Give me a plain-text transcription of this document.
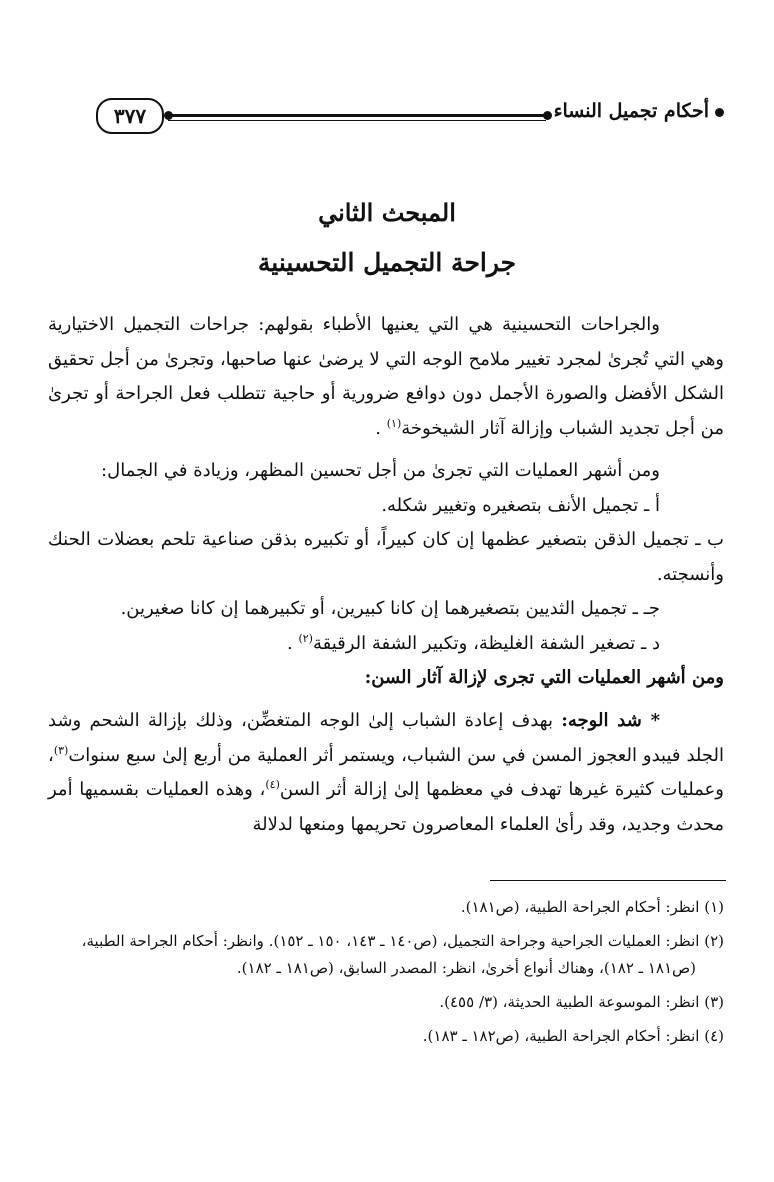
أحكام تجميل النساء
٣٧٧
المبحث الثاني
جراحة التجميل التحسينية

والجراحات التحسينية هي التي يعنيها الأطباء بقولهم: جراحات التجميل الاختيارية وهي التي تُجرىٰ لمجرد تغيير ملامح الوجه التي لا يرضىٰ عنها صاحبها، وتجرىٰ من أجل تحقيق الشكل الأفضل والصورة الأجمل دون دوافع ضرورية أو حاجية تتطلب فعل الجراحة أو تجرىٰ من أجل تجديد الشباب وإزالة آثار الشيخوخة$^{(١)}$ .

ومن أشهر العمليات التي تجرىٰ من أجل تحسين المظهر، وزيادة في الجمال:

أ ـ تجميل الأنف بتصغيره وتغيير شكله.

ب ـ تجميل الذقن بتصغير عظمها إن كان كبيراً، أو تكبيره بذقن صناعية تلحم بعضلات الحنك وأنسجته.

جـ ـ تجميل الثديين بتصغيرهما إن كانا كبيرين، أو تكبيرهما إن كانا صغيرين.

د ـ تصغير الشفة الغليظة، وتكبير الشفة الرقيقة$^{(٢)}$ .

ومن أشهر العمليات التي تجرى لإزالة آثار السن:

* شد الوجه: بهدف إعادة الشباب إلىٰ الوجه المتغضِّن، وذلك بإزالة الشحم وشد الجلد فيبدو العجوز المسن في سن الشباب، ويستمر أثر العملية من أربع إلىٰ سبع سنوات$^{(٣)}$، وعمليات كثيرة غيرها تهدف في معظمها إلىٰ إزالة أثر السن$^{(٤)}$، وهذه العمليات بقسميها أمر محدث وجديد، وقد رأىٰ العلماء المعاصرون تحريمها ومنعها لدلالة

(١) انظر: أحكام الجراحة الطبية، (ص١٨١).

(٢) انظر: العمليات الجراحية وجراحة التجميل، (ص١٤٠ ـ ١٤٣، ١٥٠ ـ ١٥٢). وانظر: أحكام الجراحة الطبية، (ص١٨١ ـ ١٨٢)، وهناك أنواع أخرىٰ، انظر: المصدر السابق، (ص١٨١ ـ ١٨٢).

(٣) انظر: الموسوعة الطبية الحديثة، (٣/ ٤٥٥).

(٤) انظر: أحكام الجراحة الطبية، (ص١٨٢ ـ ١٨٣).
